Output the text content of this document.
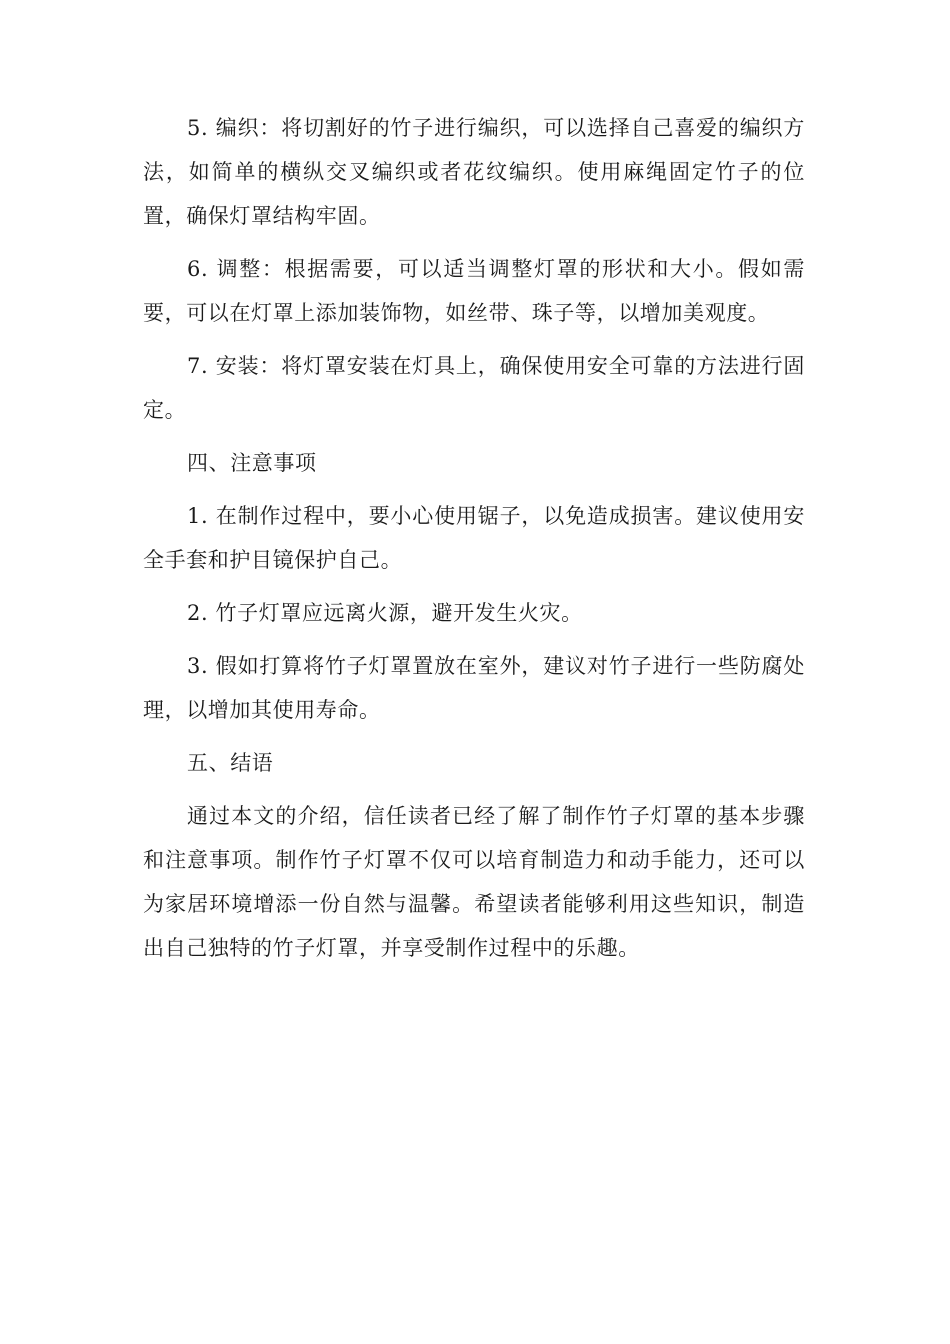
5. 编织：将切割好的竹子进行编织，可以选择自己喜爱的编织方法，如简单的横纵交叉编织或者花纹编织。使用麻绳固定竹子的位置，确保灯罩结构牢固。

6. 调整：根据需要，可以适当调整灯罩的形状和大小。假如需要，可以在灯罩上添加装饰物，如丝带、珠子等，以增加美观度。

7. 安装：将灯罩安装在灯具上，确保使用安全可靠的方法进行固定。

四、注意事项

1. 在制作过程中，要小心使用锯子，以免造成损害。建议使用安全手套和护目镜保护自己。

2. 竹子灯罩应远离火源，避开发生火灾。

3. 假如打算将竹子灯罩置放在室外，建议对竹子进行一些防腐处理，以增加其使用寿命。

五、结语

通过本文的介绍，信任读者已经了解了制作竹子灯罩的基本步骤和注意事项。制作竹子灯罩不仅可以培育制造力和动手能力，还可以为家居环境增添一份自然与温馨。希望读者能够利用这些知识，制造出自己独特的竹子灯罩，并享受制作过程中的乐趣。
